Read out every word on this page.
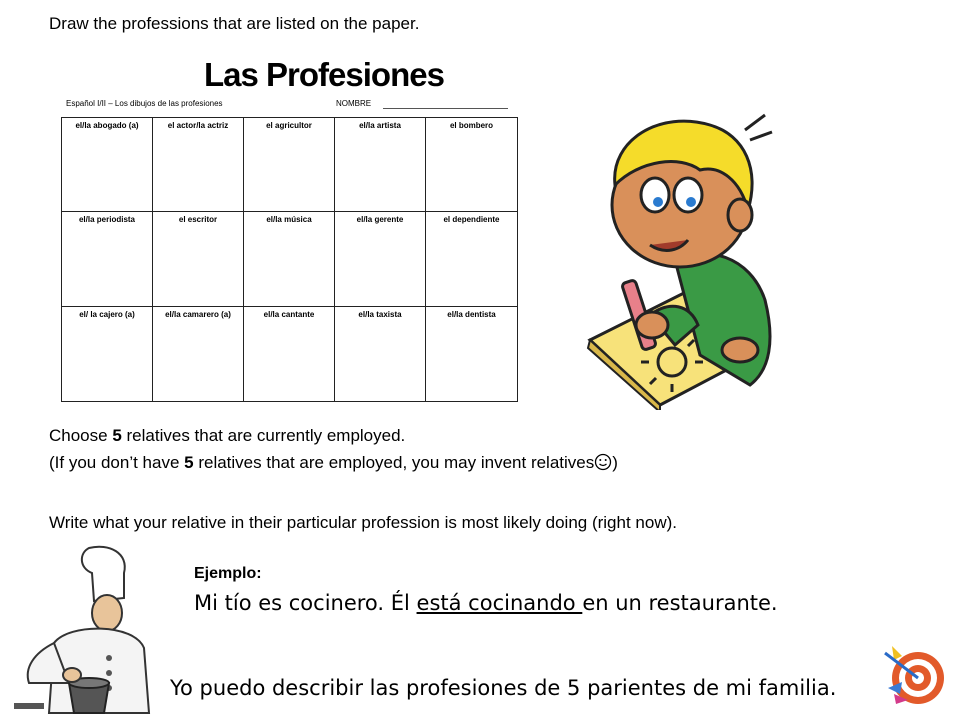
Draw the professions that are listed on the paper.
Las Profesiones
Español I/II – Los dibujos de las profesiones	NOMBRE
el/la abogado (a)	el actor/la actriz	el agricultor	el/la artista	el bombero
el/la periodista	el escritor	el/la música	el/la gerente	el dependiente
el/ la cajero (a)	el/la camarero (a)	el/la cantante	el/la taxista	el/la dentista
Choose 5 relatives that are currently employed.
(If you don’t have 5 relatives that are employed, you may invent relatives )
Write what your relative in their particular profession is most likely doing (right now).
Ejemplo:
Mi tío es cocinero. Él está cocinando en un restaurante.
Yo puedo describir las profesiones de 5 parientes de mi familia.
